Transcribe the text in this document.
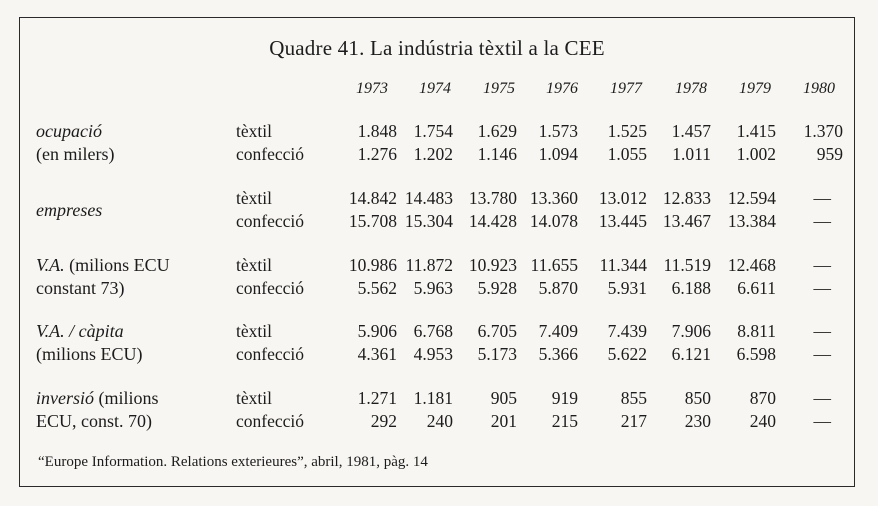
Quadre 41. La indústria tèxtil a la CEE
“Europe Information. Relations exterieures”, abril, 1981, pàg. 14
1973	1974	1975	1976	1977	1978	1979	1980
ocupació
(en milers)
tèxtil	1.848 1.754	1.629	1.573	1.525	1.457	1.415	1.370
confecció	1.276 1.202	1.146	1.094	1.055	1.011	1.002	959
empreses
tèxtil	14.842 14.483 13.780 13.360	13.012 12.833 12.594	—
confecció	15.708 15.304 14.428 14.078	13.445 13.467 13.384	—
V.A. (milions ECU
constant 73)
tèxtil	10.986 11.872 10.923 11.655	11.344 11.519 12.468	—
confecció	5.562 5.963	5.928	5.870	5.931	6.188	6.611	—
V.A. / càpita
(milions ECU)
tèxtil	5.906 6.768	6.705	7.409	7.439	7.906	8.811	—
confecció	4.361 4.953	5.173	5.366	5.622	6.121	6.598	—
inversió (milions
ECU, const. 70)
tèxtil	1.271 1.181	905	919	855	850	870	—
confecció	292	240	201	215	217	230	240	—
